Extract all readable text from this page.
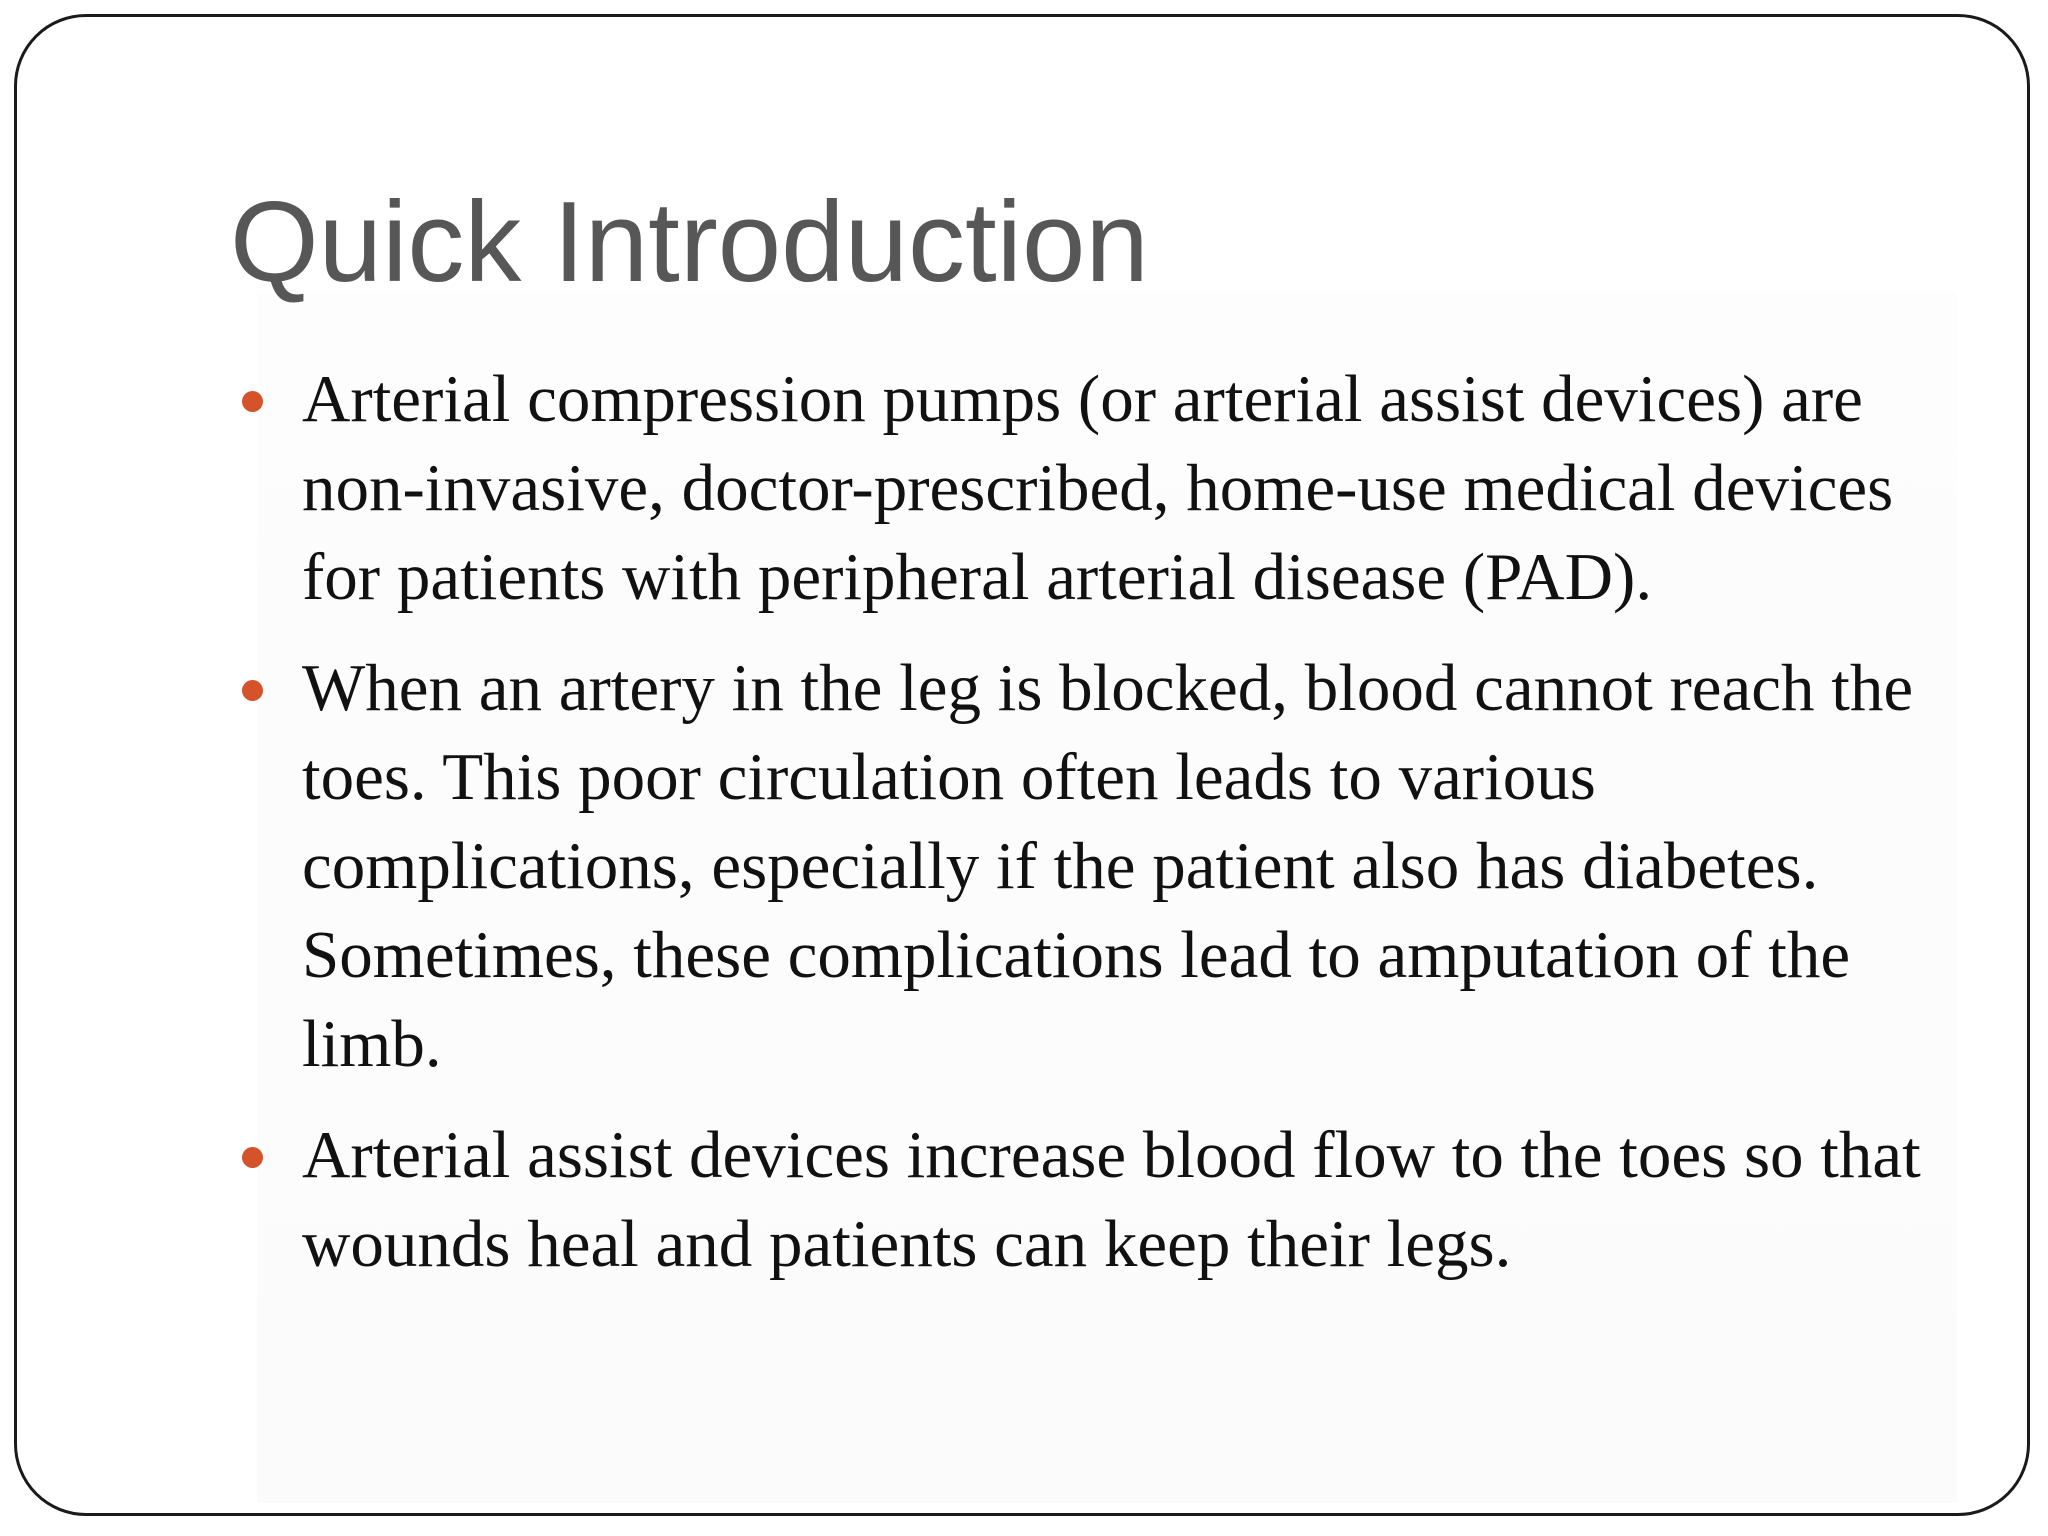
Quick Introduction
Arterial compression pumps (or arterial assist devices) are non-invasive, doctor-prescribed, home-use medical devices for patients with peripheral arterial disease (PAD).
When an artery in the leg is blocked, blood cannot reach the toes. This poor circulation often leads to various complications, especially if the patient also has diabetes. Sometimes, these complications lead to amputation of the limb.
Arterial assist devices increase blood flow to the toes so that wounds heal and patients can keep their legs.
